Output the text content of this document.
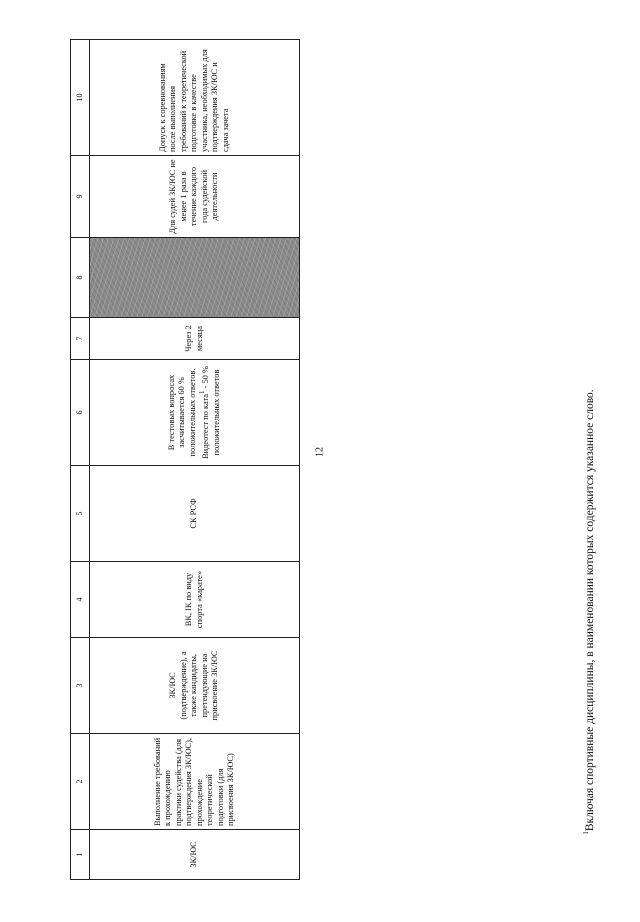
12
1	2	3	4	5	6	7	8	9	10
ЗК/ЮС	Выполнение требований к прохождению практики судейства (для подтверждения ЗК/ЮС), прохождение теоретической подготовки (для присвоения ЗК/ЮС)	ЗК/ЮС (подтверждение), а также кандидаты, претендующие на присвоение ЗК/ЮС	ВК, IК по виду спорта «карате»	СК РСФ	В тестовых вопросах засчитывается 60 % положительных ответов. Видеотест по ката$^1$ - 50 % положительных ответов	Через 2 месяца		Для судей ЗК/ЮС не менее 1 раза в течение каждого года судейской деятельности	Допуск к соревнованиям после выполнения требований к теоретической подготовке в качестве участника, необходимых для подтверждения ЗК/ЮС и сдача зачета
$^1$Включая спортивные дисциплины, в наименовании которых содержится указанное слово.
